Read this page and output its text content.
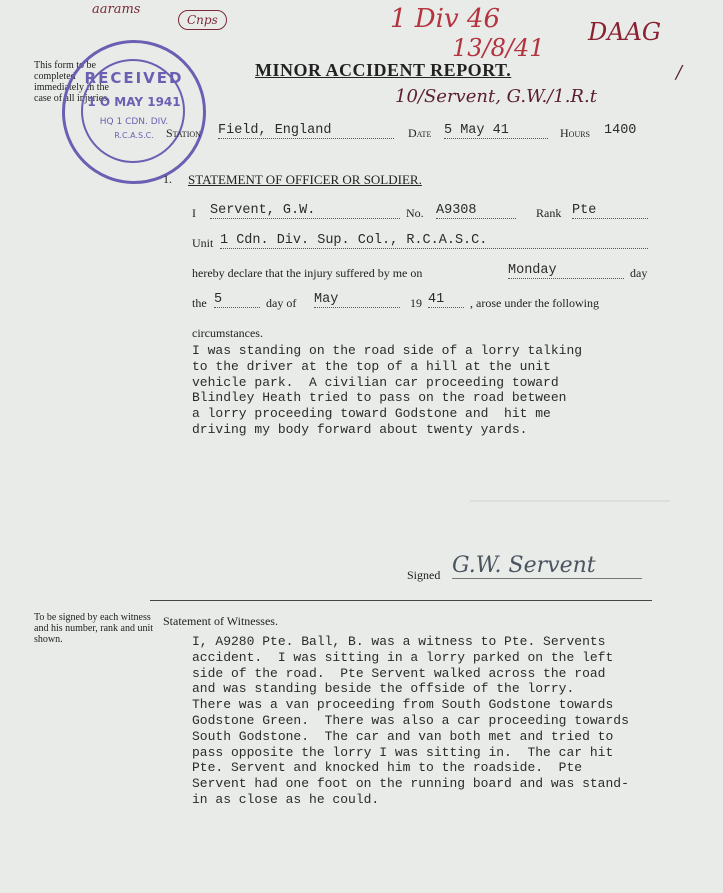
aarams
Cnps	1 Div 46
13/8/41
DAAG
10/Servent, G.W./1.R.t
/
This form to be completed immediately in the case of all injuries.
RECEIVED
1 O MAY 1941
HQ 1 CDN. DIV.
R.C.A.S.C.
MINOR ACCIDENT REPORT.
Station Field, England	Date 5 May 41	Hours 1400
1. STATEMENT OF OFFICER OR SOLDIER.
I Servent, G.W.	No. A9308	Rank Pte
Unit 1 Cdn. Div. Sup. Col., R.C.A.S.C.
hereby declare that the injury suffered by me on	Monday	day
the 5	day of May	19 41	, arose under the following
circumstances.
I was standing on the road side of a lorry talking
to the driver at the top of a hill at the unit
vehicle park.  A civilian car proceeding toward
Blindley Heath tried to pass on the road between
a lorry proceeding toward Godstone and  hit me
driving my body forward about twenty yards.
Signed G.W. Servent
To be signed by each witness and his number, rank and unit shown.
Statement of Witnesses.
I, A9280 Pte. Ball, B. was a witness to Pte. Servents
accident.  I was sitting in a lorry parked on the left
side of the road.  Pte Servent walked across the road
and was standing beside the offside of the lorry.
There was a van proceeding from South Godstone towards
Godstone Green.  There was also a car proceeding towards
South Godstone.  The car and van both met and tried to
pass opposite the lorry I was sitting in.  The car hit
Pte. Servent and knocked him to the roadside.  Pte
Servent had one foot on the running board and was stand-
in as close as he could.
